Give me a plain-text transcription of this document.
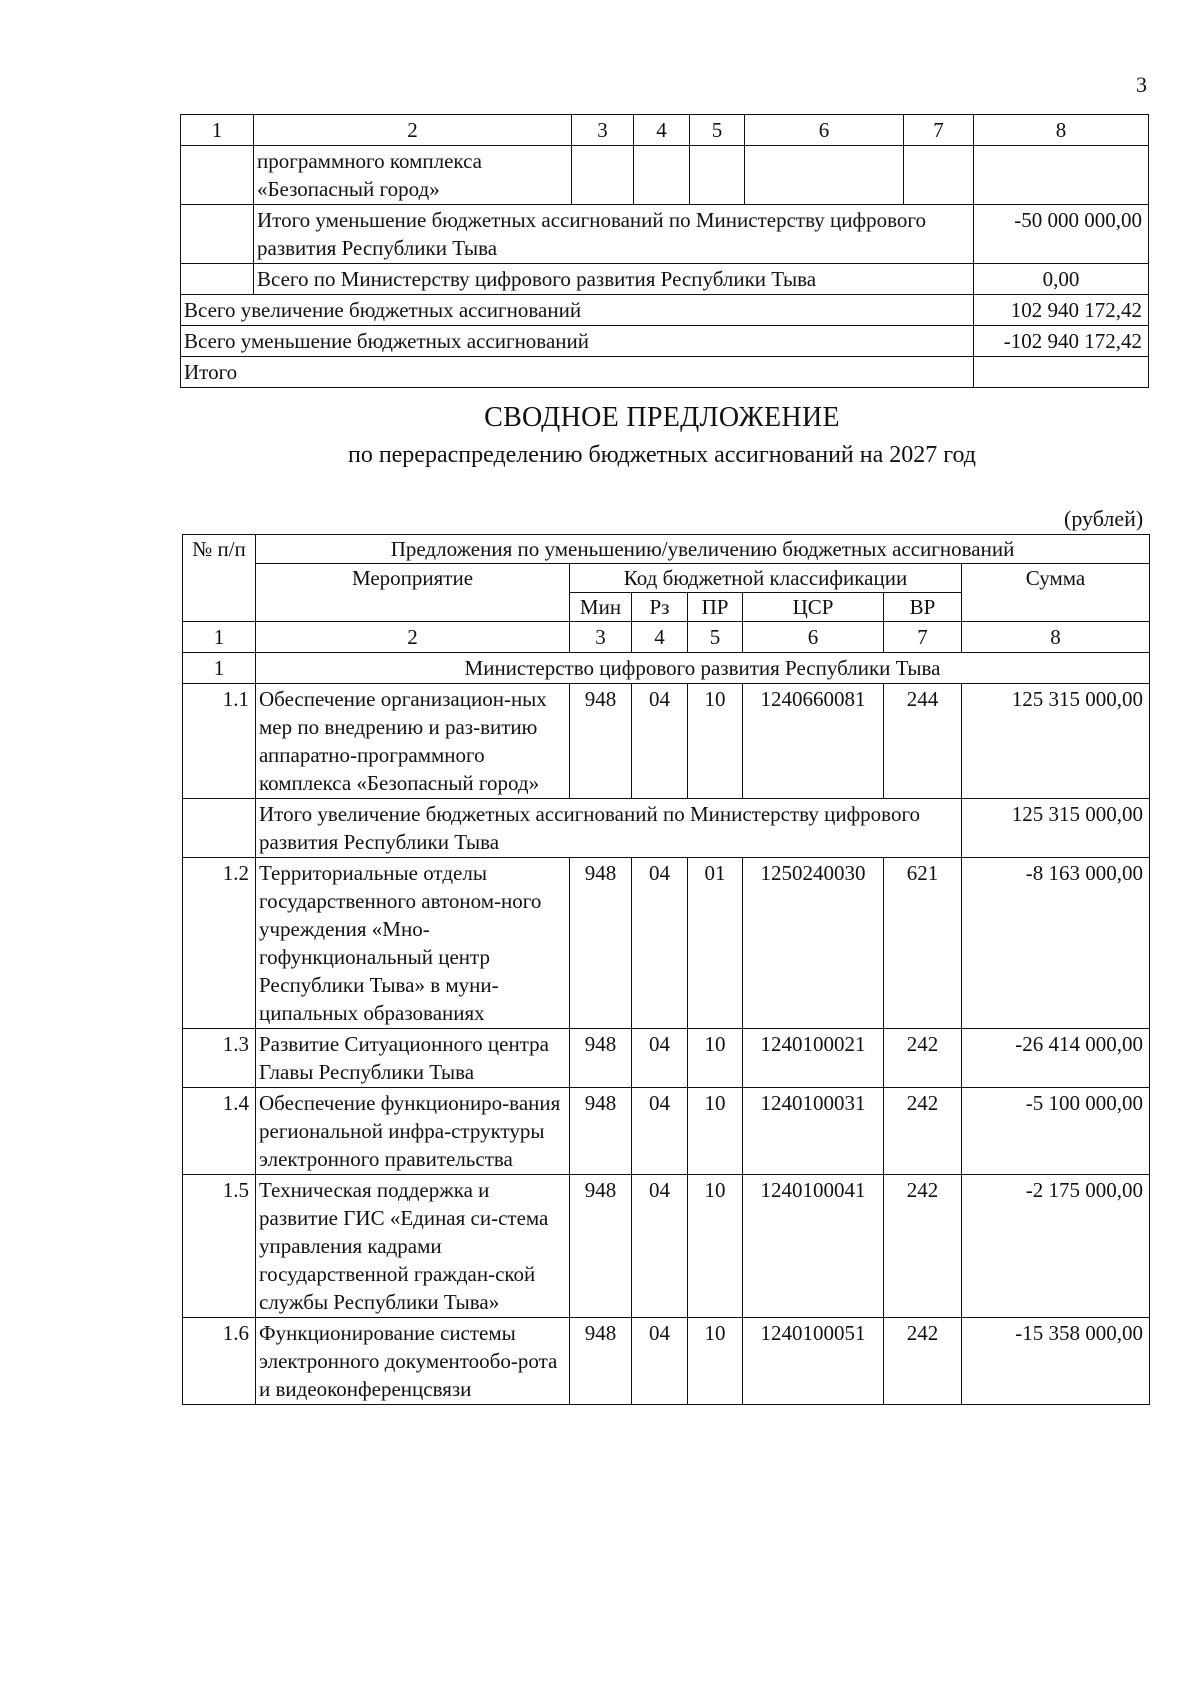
3
1	2	3	4	5	6	7	8
	программного комплекса «Безопасный город»						
	Итого уменьшение бюджетных ассигнований по Министерству цифрового развития Республики Тыва						-50 000 000,00
	Всего по Министерству цифрового развития Республики Тыва						0,00
Всего увеличение бюджетных ассигнований							102 940 172,42
Всего уменьшение бюджетных ассигнований							-102 940 172,42
Итого							
СВОДНОЕ ПРЕДЛОЖЕНИЕ
по перераспределению бюджетных ассигнований на 2027 год
(рублей)
№ п/п	Предложения по уменьшению/увеличению бюджетных ассигнований						
	Мероприятие	Код бюджетной классификации					Сумма
		Мин	Рз	ПР	ЦСР	ВР	
1	2	3	4	5	6	7	8
1	Министерство цифрового развития Республики Тыва						
1.1	Обеспечение организацион-ных мер по внедрению и раз-витию аппаратно-программного комплекса «Безопасный город»	948	04	10	1240660081	244	125 315 000,00
	Итого увеличение бюджетных ассигнований по Министерству цифрового развития Республики Тыва						125 315 000,00
1.2	Территориальные отделы государственного автоном-ного учреждения «Мно-гофункциональный центр Республики Тыва» в муни-ципальных образованиях	948	04	01	1250240030	621	-8 163 000,00
1.3	Развитие Ситуационного центра Главы Республики Тыва	948	04	10	1240100021	242	-26 414 000,00
1.4	Обеспечение функциониро-вания региональной инфра-структуры электронного правительства	948	04	10	1240100031	242	-5 100 000,00
1.5	Техническая поддержка и развитие ГИС «Единая си-стема управления кадрами государственной граждан-ской службы Республики Тыва»	948	04	10	1240100041	242	-2 175 000,00
1.6	Функционирование системы электронного документообо-рота и видеоконференцсвязи	948	04	10	1240100051	242	-15 358 000,00
